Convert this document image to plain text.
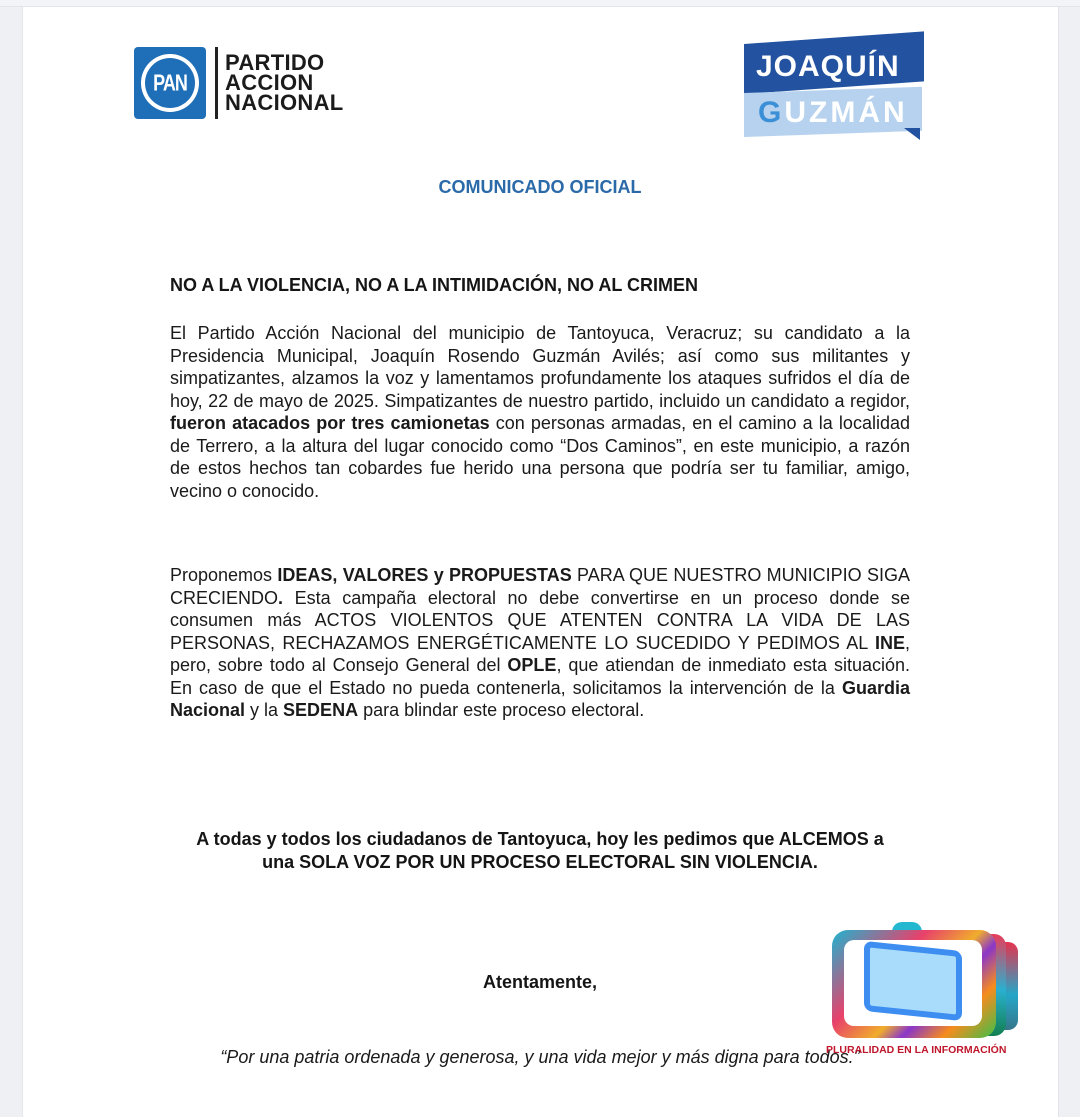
PAN
PARTIDO
ACCION
NACIONAL
JOAQUÍN
GUZMÁN
COMUNICADO OFICIAL
NO A LA VIOLENCIA, NO A LA INTIMIDACIÓN, NO AL CRIMEN
El Partido Acción Nacional del municipio de Tantoyuca, Veracruz; su candidato a la Presidencia Municipal, Joaquín Rosendo Guzmán Avilés; así como sus militantes y simpatizantes, alzamos la voz y lamentamos profundamente los ataques sufridos el día de hoy, 22 de mayo de 2025. Simpatizantes de nuestro partido, incluido un candidato a regidor, fueron atacados por tres camionetas con personas armadas, en el camino a la localidad de Terrero, a la altura del lugar conocido como “Dos Caminos”, en este municipio, a razón de estos hechos tan cobardes fue herido una persona que podría ser tu familiar, amigo, vecino o conocido.
Proponemos IDEAS, VALORES y PROPUESTAS PARA QUE NUESTRO MUNICIPIO SIGA CRECIENDO. Esta campaña electoral no debe convertirse en un proceso donde se consumen más ACTOS VIOLENTOS QUE ATENTEN CONTRA LA VIDA DE LAS PERSONAS, RECHAZAMOS ENERGÉTICAMENTE LO SUCEDIDO Y PEDIMOS AL INE, pero, sobre todo al Consejo General del OPLE, que atiendan de inmediato esta situación. En caso de que el Estado no pueda contenerla, solicitamos la intervención de la Guardia Nacional y la SEDENA para blindar este proceso electoral.
A todas y todos los ciudadanos de Tantoyuca, hoy les pedimos que ALCEMOS a una SOLA VOZ POR UN PROCESO ELECTORAL SIN VIOLENCIA.
Atentamente,
“Por una patria ordenada y generosa, y una vida mejor y más digna para todos.”
PLURALIDAD EN LA INFORMACIÓN
